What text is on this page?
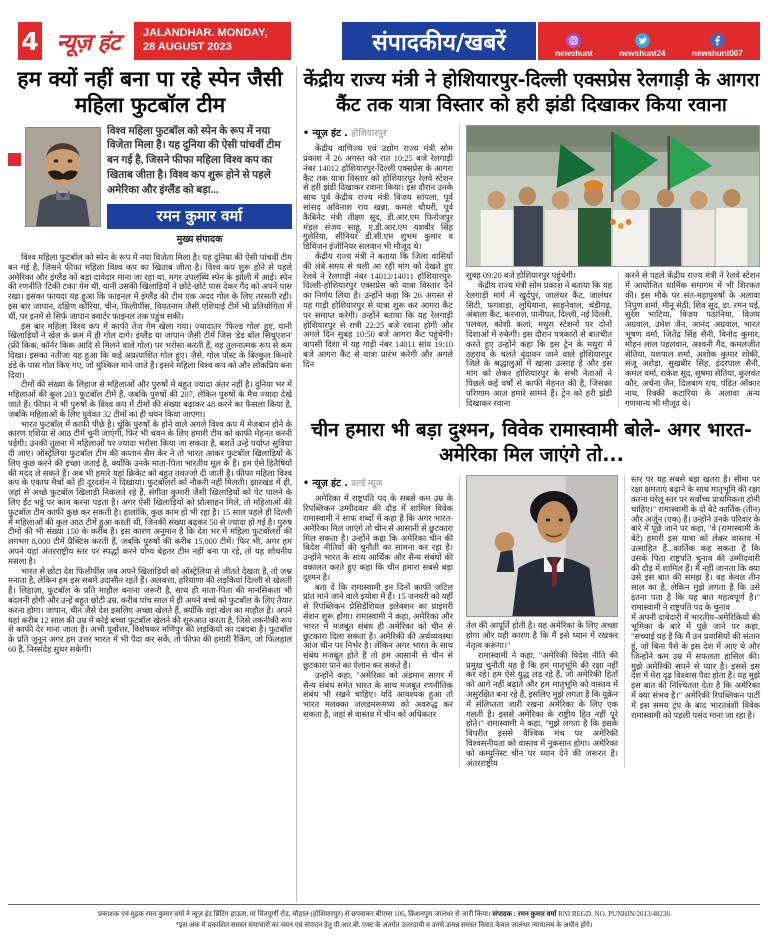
4 न्यूज़ हंट	JALANDHAR. MONDAY,
28 AUGUST 2023	संपादकीय/खबरें	newshunt	newshunt24	newshunt007
हम क्यों नहीं बना पा रहे स्पेन जैसी महिला फुटबॉल टीम
विश्व महिला फुटबॉल को स्पेन के रूप में नया विजेता मिला है। यह दुनिया की ऐसी पांचवीं टीम बन गई है, जिसने फीफा महिला विश्व कप का खिताब जीता है। विश्व कप शुरू होने से पहले अमेरिका और इंग्लैंड को बड़ा...
रमन कुमार वर्मा
मुख्य संपादक

विश्व महिला फुटबॉल को स्पेन के रूप में नया विजेता मिला है। यह दुनिया की ऐसी पांचवीं टीम बन गई है, जिसने फीफा महिला विश्व कप का खिताब जीता है। विश्व कप शुरू होने से पहले अमेरिका और इंग्लैंड को बड़ा दावेदार माना जा रहा था, मगर उपलब्धि स्पेन के झोली में आई। स्पेन की रणनीति 'टिकी टका' गेम थी, यानी उसकी खिलाड़ियों ने छोटे-छोटे पास देकर गैंद को अपने पास रखा। इसका फायदा यह हुआ कि फाइनल में इंग्लैंड की टीम एक अदद गोल के लिए तरसती रही। इस बार जापान, दक्षिण कोरिया, चीन, फिलीपींस, वियतनाम जैसी एशियाई टीमें भी प्रतियोगिता में थीं, पर इनमें से सिर्फ जापान क्वार्टर फाइनल तक पहुंच सकी।

इस बार महिला विश्व कप में काफी तेज गेम खेला गया। ज्यादातर 'फिल्ड गोल' हुए, यानी खिलाड़ियों ने खेल के क्रम में ही गोल दागे। इंग्लैंड या जापान जैसी टीमें जिस 'डेड बॉल सिचुएशन' (फ्री किक, कॉर्नर किक आदि से मिलने वाले गोल) पर भरोसा करती हैं, वह तुलनात्मक रूप से कम दिखा। इसका नतीजा यह हुआ कि कई अप्रत्याशित गोल हुए। जैसे, गोल पोस्ट के बिल्कुल किनारे डंडे के पास गोल किए गए, जो मुश्किल माने जाते हैं। इसने महिला विश्व कप को और लोकप्रिय बना दिया।

टीमों की संख्या के लिहाज से महिलाओं और पुरुषों में बहुत ज्यादा अंतर नहीं है। दुनिया भर में महिलाओं की कुल 203 फुटबॉल टीमें हैं, जबकि पुरुषों की 207, लेकिन पुरुषों के मैच ज्यादा देखे जाते हैं। फीफा ने भी पुरुषों के विश्व कप में टीमों की संख्या बढ़ाकर 48 करने का फैसला किया है, जबकि महिलाओं के लिए पूर्ववत 32 टीमों का ही चयन किया जाएगा।

भारत फुटबॉल में काफी पीछे है। चूंकि पुरुषों के होने वाले अगले विश्व कप में मेजबान होने के कारण एशिया से आठ टीमें चुनी जाएंगी, फिर भी चयन के लिए हमारी टीम को काफी मेहनत करनी पड़ेगी। उनकी तुलना में महिलाओं पर ज्यादा भरोसा किया जा सकता है, बशर्ते उन्हें पर्याप्त सुविधा दी जाए। ऑस्ट्रेलिया फुटबॉल टीम की कप्तान सैम केर ने तो भारत आकर फुटबॉल खिलाड़ियों के लिए कुछ करने की इच्छा जताई है, क्योंकि उनके माता-पिता भारतीय मूल के हैं। हम ऐसे हितैषियों की मदद ले सकते हैं। अब भी हमारे यहां क्रिकेट को बहुत तवज्जो दी जाती है। फीफा महिला विश्व कप के एकाध मैचों को ही दूरदर्शन ने दिखाया। फुटबॉलरों को नौकरी नहीं मिलती। झारखंड में ही, जहां से अच्छे फुटबॉल खिलाड़ी निकलते रहे हैं, संगीता कुमारी जैसी खिलाड़ियों को पेट पालने के लिए ईंट भट्ठे पर काम करना पड़ता है। अगर ऐसी खिलाड़ियों को प्रोत्साहन मिले, तो महिलाओं की फुटबॉल टीम काफी कुछ कर सकती है। हालांकि, कुछ काम हो भी रहा है। 15 साल पहले ही दिल्ली में महिलाओं की कुल आठ टीमें हुआ करती थीं, जिनकी संख्या बढ़कर 50 से ज्यादा हो गई है। पुरुष टीमों की भी संख्या 150 के करीब है। इस कारण अनुमान है कि देश भर में महिला फुटबॉलरों की लगभग 8,000 टीमें प्रैक्टिस करती हैं, जबकि पुरुषों की करीब 15,000 टीमें। फिर भी, अगर हम अपने यहां अंतरराष्ट्रीय स्तर पर स्पर्द्धा करने योग्य बेहतर टीम नहीं बना पा रहे, तो यह शोचनीय मसला है।

भारत से छोटा देश फिलीपींस जब अपने खिलाड़ियों को ऑस्ट्रेलिया से जीतते देखता है, तो जश्न मनाता है, लेकिन हम इस सबमें उदासीन रहते हैं। अलबत्ता, हरियाणा की लड़कियां दिल्ली से खेलती हैं। लिहाज़ा, फुटबॉल के प्रति माहौल बनाना जरूरी है, साथ ही माता-पिता की मानसिकता भी बदलनी होगी और उन्हें बहुत छोटी उम्र, करीब पांच साल में ही अपने बच्चे को फुटबॉल के लिए तैयार करना होगा। जापान, चीन जैसे देश इसलिए अच्छा खेलते हैं, क्योंकि वहां खेल का माहौल है। अपने यहां करीब 12 साल की उम्र में कोई बच्चा फुटबॉल खेलने की शुरुआत करता है, जिसे तकनीकी रूप से काफी देर माना जाता है। अभी पूर्वोत्तर, विशेषकर मणिपुर की लड़कियों का दबदबा है। फुटबॉल के प्रति जुनून अगर हम उत्तर भारत में भी पैदा कर सकें, तो फीफा की हमारी रैंकिंग, जो फिलहाल 60 है, निस्संदेह सुधर सकेगी।

केंद्रीय राज्य मंत्री ने होशियारपुर-दिल्ली एक्सप्रेस रेलगाड़ी के आगरा कैंट तक यात्रा विस्तार को हरी झंडी दिखाकर किया रवाना
• न्यूज़ हंट . होशियारपुर

केंद्रीय वाणिज्य एवं उद्योग राज्य मंत्री सोम प्रकाश ने 26 अगस्त को रात 10:25 बजे रेलगाड़ी नंबर 14012 होशियारपुर-दिल्ली एक्सप्रेस के आगरा कैंट तक यात्रा विस्तार को होशियारपुर रेलवे स्टेशन से हरी झंडी दिखाकर रवाना किया। इस दौरान उनके साथ पूर्व केंद्रीय राज्य मंत्री विजय सांपला, पूर्व सांसद अविनाश राय खन्ना, कमल चौधरी, पूर्व कैबिनेट मंत्री तीक्ष्ण सूद, डी.आर.एम फिरोजपुर मंडल संजय साहू, ए.डी.आर.एम यशवीर सिंह गुलेरिया, सीनियर डी.सी.एम शुभम कुमार व डिविजन इंजीनियर सलवान भी मौजूद थे।

केंद्रीय राज्य मंत्री ने बताया कि जिला वासियों की लंबे समय से चली आ रही मांग को देखते हुए रेलवे ने रेलगाड़ी नंबर 14012/14011 होशियारपुर-दिल्ली-होशियारपुर एक्सप्रेस को यात्रा विस्तार देने का निर्णय लिया है। उन्होंने कहा कि 26 अगस्त से यह गाड़ी होशियारपुर से यात्रा शुरू कर आगरा कैंट पर समाप्त करेगी। उन्होंने बताया कि यह रेलगाड़ी होशियारपुर से रात्री 22:25 बजे रवाना होगी और अगले दिन सुबह 10:50 बजे आगरा कैंट पहुंचेगी। वापसी दिशा में यह गाड़ी नंबर 14011 सांय 19:10 बजे आगरा कैंट से यात्रा प्रारंभ करेगी और अगले दिन

सुबह 09:20 बजे होशियारपुर पहुंचेगी।

केंद्रीय राज्य मंत्री सोम प्रकाश ने बताया कि यह रेलगाड़ी मार्ग में खुर्दपुर, जालंधर कैंट, जालंधर सिटी, फगवाड़ा, लुधियाना, साहनेवाल, चंडीगढ़, अंबाला कैंट, करनाल, पानीपत, दिल्ली, नई दिल्ली, पलवल, कोशी कलां, मथुरा स्टेशनों पर दोनों दिशाओं में रुकेगी। इस दौरान पत्रकारों से बातचीत करते हुए उन्होंने कहा कि इस ट्रेन के मथुरा में ठहराव के चलते वृंदावन जाने वाले होशियारपुर जिले के श्रद्धालुओं में खासा उत्साह है और इस मांग को लेकर होशियारपुर के सभी नेताओं ने पिछले कई वर्षों से काफी मेहनत की है, जिसका परिणाम आज हमारे सामने हैं। ट्रेन को हरी झंडी दिखाकर रवाना

करने से पहले केंद्रीय राज्य मंत्री ने रेलवे स्टेशन में आयोजित धार्मिक समागम में भी शिरकत की। इस मौके पर संत-महापुरुषों के अलावा निपुण शर्मा, मीनू सेठी, शिव सूद, डा. रमन घई, सुरेश भाटिया, विजय पठानिया, विजय अग्रवाल, उमेश जैन, आनंद अग्रवाल, भारत भूषण वर्मा, जितेंद्र सिंह सैनी, विनोद कुमार, मोहन लाल पहलवान, अश्वनी गैंद, कमलजीत सेतिया, यशपाल शर्मा, अशोक कुमार शोकी, संजू अरोड़ा, सुखबीर सिंह, इंदरपाल सैनी, कमल वर्मा, राकेश सूद, सुषमा सेतिया, कुलवंत कौर, अर्चना जैन, दिलबाग राय, पंडित ओंकार नाथ, रिक्की कटारिया के अलावा अन्य गणमान्य भी मौजूद थे।

चीन हमारा भी बड़ा दुश्मन, विवेक रामास्वामी बोले- अगर भारत-अमेरिका मिल जाएंगे तो...
• न्यूज़ हंट . वर्ल्ड न्यूज

अमेरिका में राष्ट्रपति पद के सबसे कम उम्र के रिपब्लिकन उम्मीदवार की दौड़ में शामिल विवेक रामास्वामी ने साफ शब्दों में कहा है कि अगर भारत-अमेरिका मिल जाएंगे तो चीन से आसानी से छुटकारा मिल सकता है। उन्होंने कहा कि अमेरिका चीन की विदेश नीतियों की चुनौती का सामना कर रहा है। उन्होंने भारत के साथ आर्थिक और सैन्य संबंधों की वकालत करते हुए कहा कि चीन हमारा सबसे बड़ा दुश्मन है।

बता दें कि रामास्वामी इन दिनों काफी जटिल प्रांत माने जाने वाले इयोवा में हैं। 15 जनवरी को यहीं से रिपब्लिकन प्रेसिडेंशियल इलेक्शन का प्राइमरी सेशन शुरू होगा। रामास्वामी ने कहा, अमेरिका और भारत में मजबूत संबंध ही अमेरिका को चीन से छुटकारा दिला सकता है। अमेरिकी की अर्थव्यवस्था आज चीन पर निर्भर है। लेकिन अगर भारत के साथ संबंध मजबूत होते हैं तो हम आसानी से चीन से छुटकारा पाने का ऐलान कर सकते हैं।

उन्होंने कहा, "अमेरिका को अंडमान सागर में सैन्य संबंध समेत भारत के साथ मजबूत रणनीतिक संबंध भी रखने चाहिए। यदि आवश्यक हुआ तो भारत मलक्का जलडमरूमध्य को अवरुद्ध कर सकता है, जहां से वास्तव में चीन को अधिकतर

तेल की आपूर्ति होती है। यह अमेरिका के लिए अच्छा होगा और यही कारण है कि मैं इसे ध्यान में रखकर नेतृत्व करूंगा।"

रामास्वामी ने कहा, "अमेरिकी विदेश नीति की प्रमुख चुनौती यह है कि हम मातृभूमि की रक्षा नहीं कर रहे। हम ऐसे युद्ध लड़ रहे हैं, जो अमेरिकी हितों को आगे नहीं बढ़ाते और हम मातृभूमि को वास्तव में असुरक्षित बना रहे हैं, इसलिए मुझे लगता है कि यूक्रेन में संलिप्तता जारी रखना अमेरिका के लिए एक गलती है। इससे अमेरिका के राष्ट्रीय हित नहीं पूरे होते।" रामास्वामी ने कहा, "मुझे लगता है कि इसके विपरीत इससे वैश्विक मंच पर अमेरिकी विश्वसनीयता को वास्तव में नुकसान होगा। अमेरिका को कम्युनिस्ट चीन पर ध्यान देने की जरूरत है। अंतरराष्ट्रीय

स्तर पर यह सबसे बड़ा खतरा है। सीमा पर रक्षा क्षमताएं बढ़ाने के साथ मातृभूमि की रक्षा करना घरेलू स्तर पर सर्वोच्च प्राथमिकता होनी चाहिए।" रामास्वामी के दो बेटे कार्तिक (तीन) और अर्जुन (एक) हैं। उन्होंने उनके परिवार के बारे में पूछे जाने पर कहा, "वे (रामास्वामी के बेटे) हमारी इस यात्रा को लेकर वास्तव में उत्साहित हैं...कार्तिक कह सकता है कि उसके पिता राष्ट्रपति चुनाव की उम्मीदवारी की दौड़ में शामिल हैं। मैं नहीं जानता कि क्या उसे इस बात की समझ है। वह केवल तीन साल का है, लेकिन मुझे लगता है कि उसे इतना पता है कि यह बात महत्वपूर्ण है।" रामास्वामी ने राष्ट्रपति पद के चुनाव

में अपनी दावेदारी में भारतीय-अमेरिकियों की भूमिका के बारे में पूछे जाने पर कहा, "सच्चाई यह है कि मैं उन प्रवासियों की संतान हूं, जो बिना पैसे के इस देश में आए थे और जिन्होंने कम उम्र में सफलता हासिल की। मुझे अमेरिकी सपने से प्यार है। इससे इस देश में मेरा दृढ़ विश्वास पैदा होता है। यह मुझे इस बात की निश्चितता देता है कि अमेरिका में क्या संभव है।" अमेरिकी रिपब्लिकन पार्टी में इस समय ट्रंप के बाद भारतवंशी विवेक रामास्वामी को पहली पसंद माना जा रहा है।

प्रकाशक एवं मुद्रक रमन कुमार वर्मा ने न्यूज़ हंट प्रिंटिंग हाऊस, मां चिंतपूर्णी रोड, चौहाल (होशियारपुर) से छपवाकर बीएम्स 106, किशनपुरा जालंधर से जारी किया। संपादक : रमन कुमार वर्मा RNI REGD. NO. PUNHIN/2013/48236
*इस अंक में प्रकाशित समस्त समाचारों का चयन एवं संपादन हेतु पी.आर.बी. एक्ट के अंतर्गत उत्तरदायी व उनसे उत्पन्न समस्त विवाद केवल जालंधर न्यायालय के अधीन होंगे।
